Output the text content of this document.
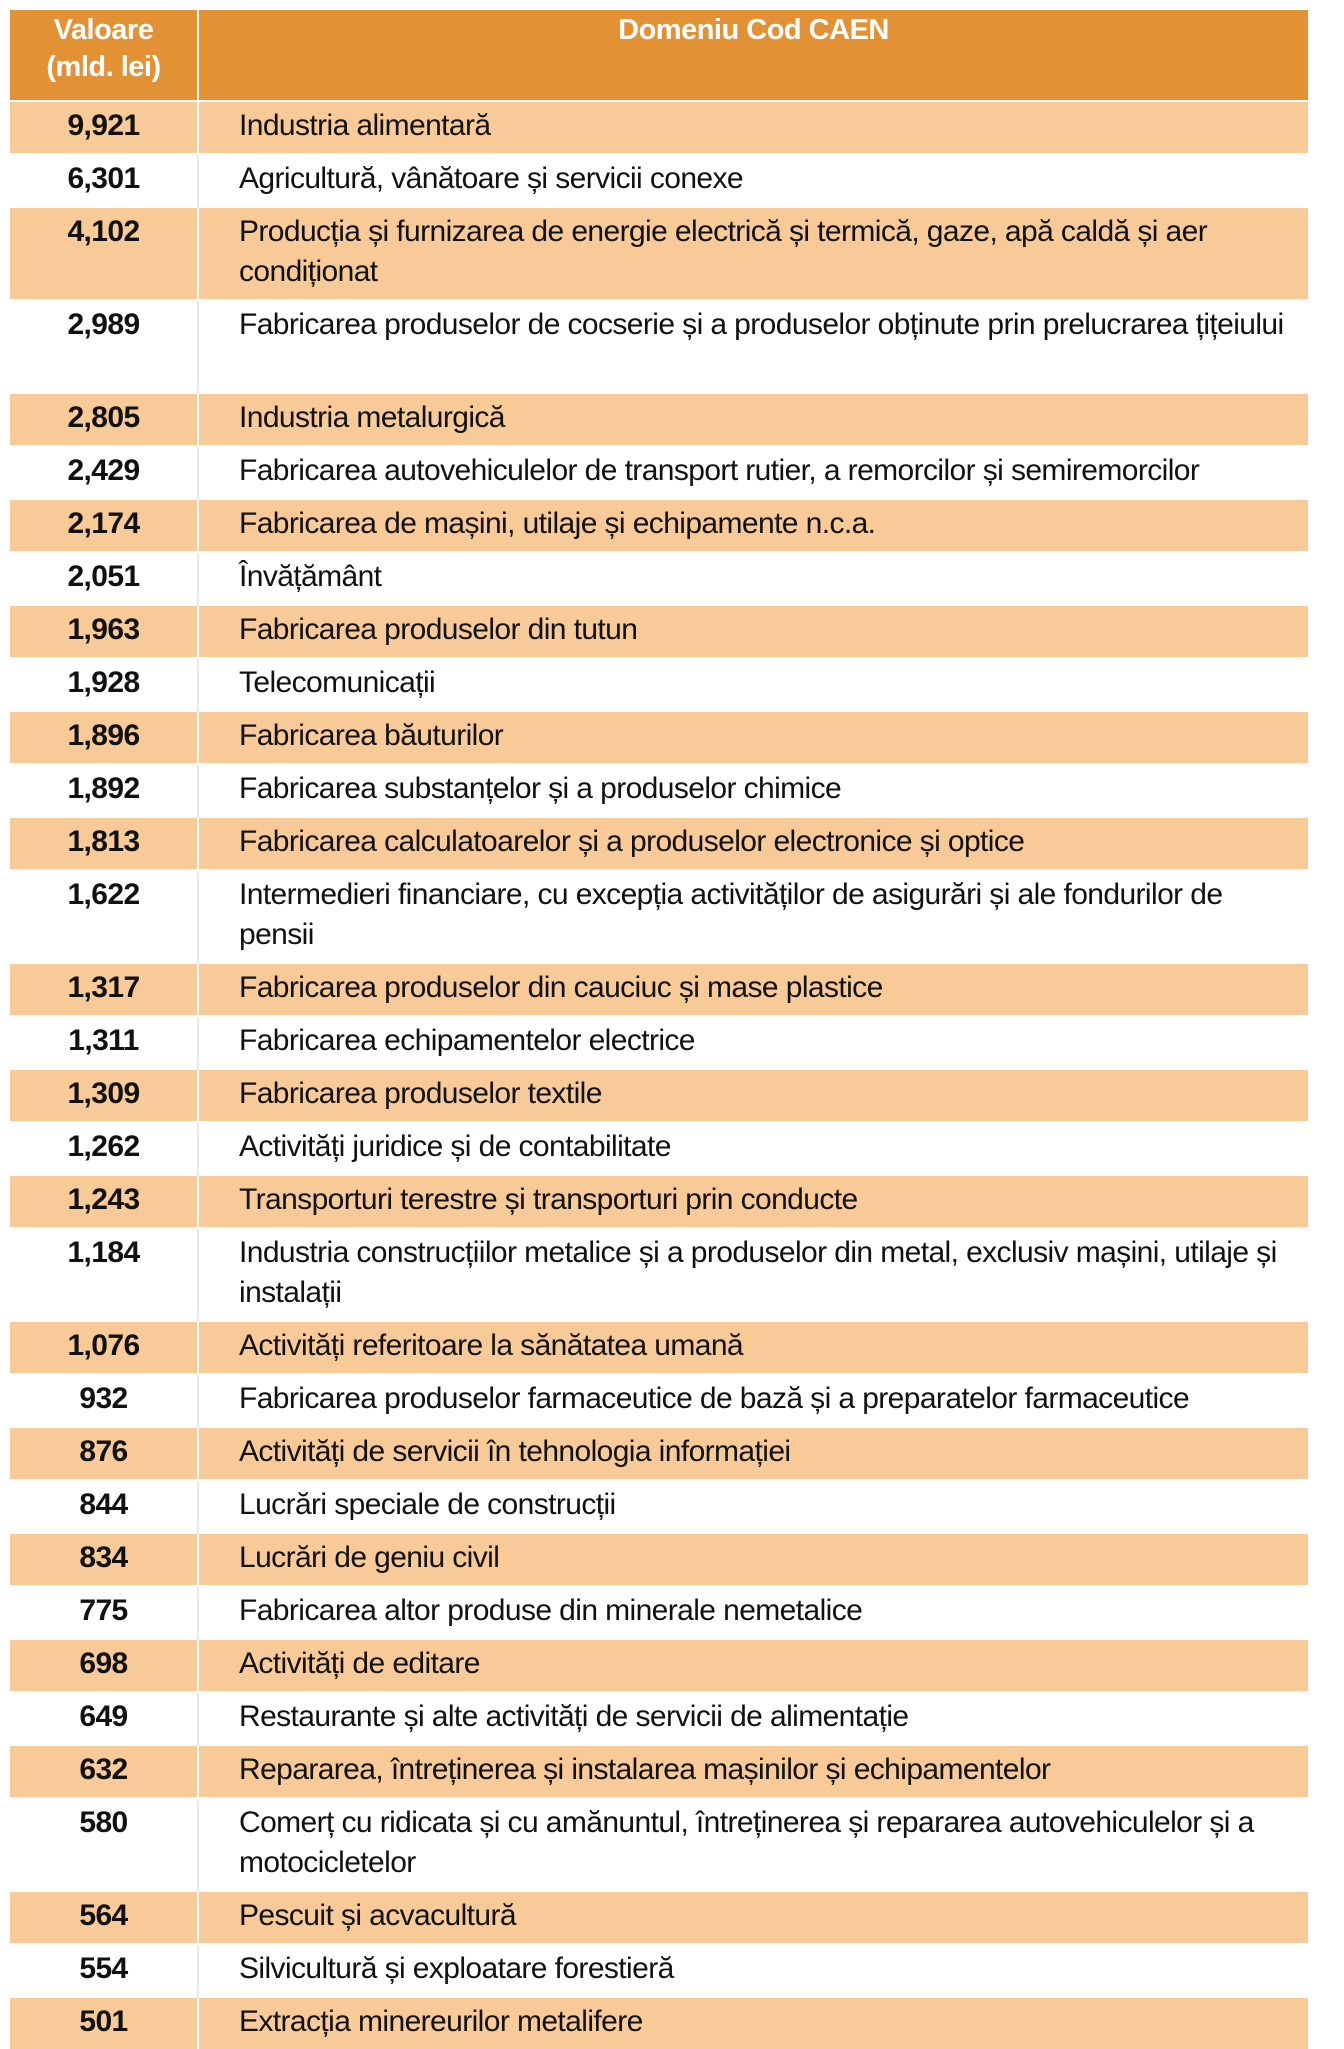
Valoare
(mld. lei)	Domeniu Cod CAEN
9,921	Industria alimentară
6,301	Agricultură, vânătoare și servicii conexe
4,102	Producția și furnizarea de energie electrică și termică, gaze, apă caldă și aer condiționat
2,989	Fabricarea produselor de cocserie și a produselor obținute prin prelucrarea țițeiului
2,805	Industria metalurgică
2,429	Fabricarea autovehiculelor de transport rutier, a remorcilor și semiremorcilor
2,174	Fabricarea de mașini, utilaje și echipamente n.c.a.
2,051	Învățământ
1,963	Fabricarea produselor din tutun
1,928	Telecomunicații
1,896	Fabricarea băuturilor
1,892	Fabricarea substanțelor și a produselor chimice
1,813	Fabricarea calculatoarelor și a produselor electronice și optice
1,622	Intermedieri financiare, cu excepția activităților de asigurări și ale fondurilor de pensii
1,317	Fabricarea produselor din cauciuc și mase plastice
1,311	Fabricarea echipamentelor electrice
1,309	Fabricarea produselor textile
1,262	Activități juridice și de contabilitate
1,243	Transporturi terestre și transporturi prin conducte
1,184	Industria construcțiilor metalice și a produselor din metal, exclusiv mașini, utilaje și instalații
1,076	Activități referitoare la sănătatea umană
932	Fabricarea produselor farmaceutice de bază și a preparatelor farmaceutice
876	Activități de servicii în tehnologia informației
844	Lucrări speciale de construcții
834	Lucrări de geniu civil
775	Fabricarea altor produse din minerale nemetalice
698	Activități de editare
649	Restaurante și alte activități de servicii de alimentație
632	Repararea, întreținerea și instalarea mașinilor și echipamentelor
580	Comerț cu ridicata și cu amănuntul, întreținerea și repararea autovehiculelor și a motocicletelor
564	Pescuit și acvacultură
554	Silvicultură și exploatare forestieră
501	Extracția minereurilor metalifere
